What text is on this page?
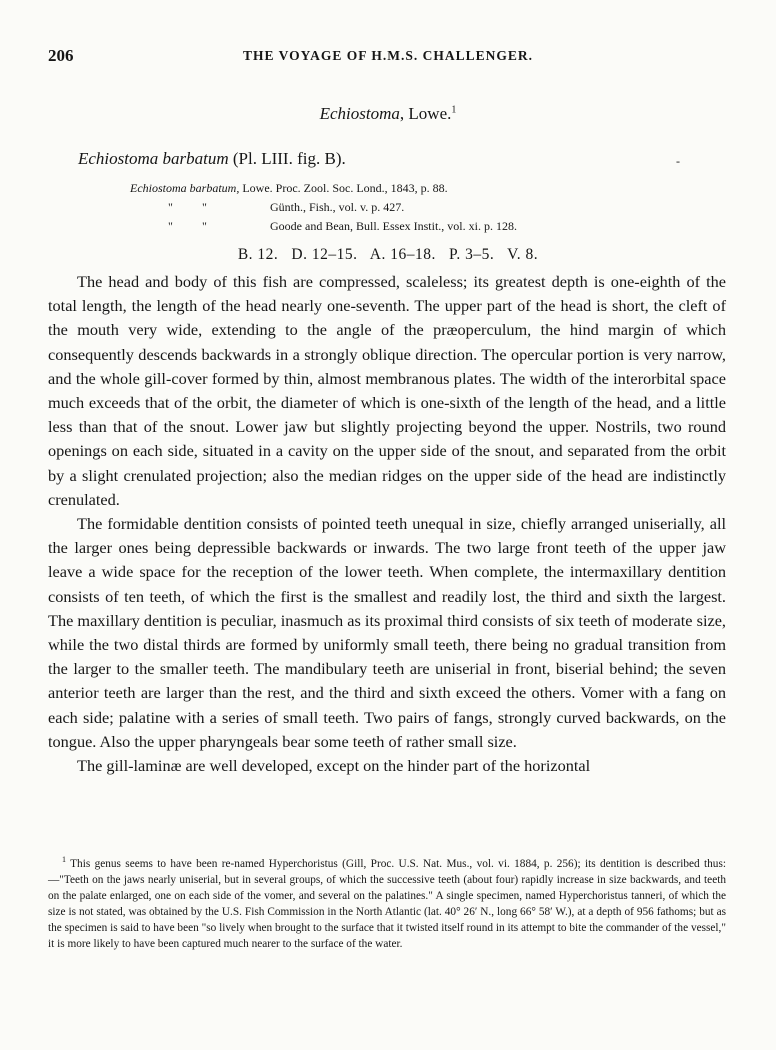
206	THE VOYAGE OF H.M.S. CHALLENGER.
Echiostoma, Lowe.$^1$
Echiostoma barbatum (Pl. LIII. fig. B).	-
Echiostoma barbatum, Lowe. Proc. Zool. Soc. Lond., 1843, p. 88.
" "	Günth., Fish., vol. v. p. 427.
" "	Goode and Bean, Bull. Essex Instit., vol. xi. p. 128.
B. 12.   D. 12–15.   A. 16–18.   P. 3–5.   V. 8.

The head and body of this fish are compressed, scaleless; its greatest depth is one-eighth of the total length, the length of the head nearly one-seventh. The upper part of the head is short, the cleft of the mouth very wide, extending to the angle of the præoperculum, the hind margin of which consequently descends backwards in a strongly oblique direction. The opercular portion is very narrow, and the whole gill-cover formed by thin, almost membranous plates. The width of the interorbital space much exceeds that of the orbit, the diameter of which is one-sixth of the length of the head, and a little less than that of the snout. Lower jaw but slightly projecting beyond the upper. Nostrils, two round openings on each side, situated in a cavity on the upper side of the snout, and separated from the orbit by a slight crenulated projection; also the median ridges on the upper side of the head are indistinctly crenulated.

The formidable dentition consists of pointed teeth unequal in size, chiefly arranged uniserially, all the larger ones being depressible backwards or inwards. The two large front teeth of the upper jaw leave a wide space for the reception of the lower teeth. When complete, the intermaxillary dentition consists of ten teeth, of which the first is the smallest and readily lost, the third and sixth the largest. The maxillary dentition is peculiar, inasmuch as its proximal third consists of six teeth of moderate size, while the two distal thirds are formed by uniformly small teeth, there being no gradual transition from the larger to the smaller teeth. The mandibulary teeth are uniserial in front, biserial behind; the seven anterior teeth are larger than the rest, and the third and sixth exceed the others. Vomer with a fang on each side; palatine with a series of small teeth. Two pairs of fangs, strongly curved backwards, on the tongue. Also the upper pharyngeals bear some teeth of rather small size.

The gill-laminæ are well developed, except on the hinder part of the horizontal

$^1$ This genus seems to have been re-named Hyperchoristus (Gill, Proc. U.S. Nat. Mus., vol. vi. 1884, p. 256); its dentition is described thus:—"Teeth on the jaws nearly uniserial, but in several groups, of which the successive teeth (about four) rapidly increase in size backwards, and teeth on the palate enlarged, one on each side of the vomer, and several on the palatines." A single specimen, named Hyperchoristus tanneri, of which the size is not stated, was obtained by the U.S. Fish Commission in the North Atlantic (lat. 40° 26′ N., long 66° 58′ W.), at a depth of 956 fathoms; but as the specimen is said to have been "so lively when brought to the surface that it twisted itself round in its attempt to bite the commander of the vessel," it is more likely to have been captured much nearer to the surface of the water.
